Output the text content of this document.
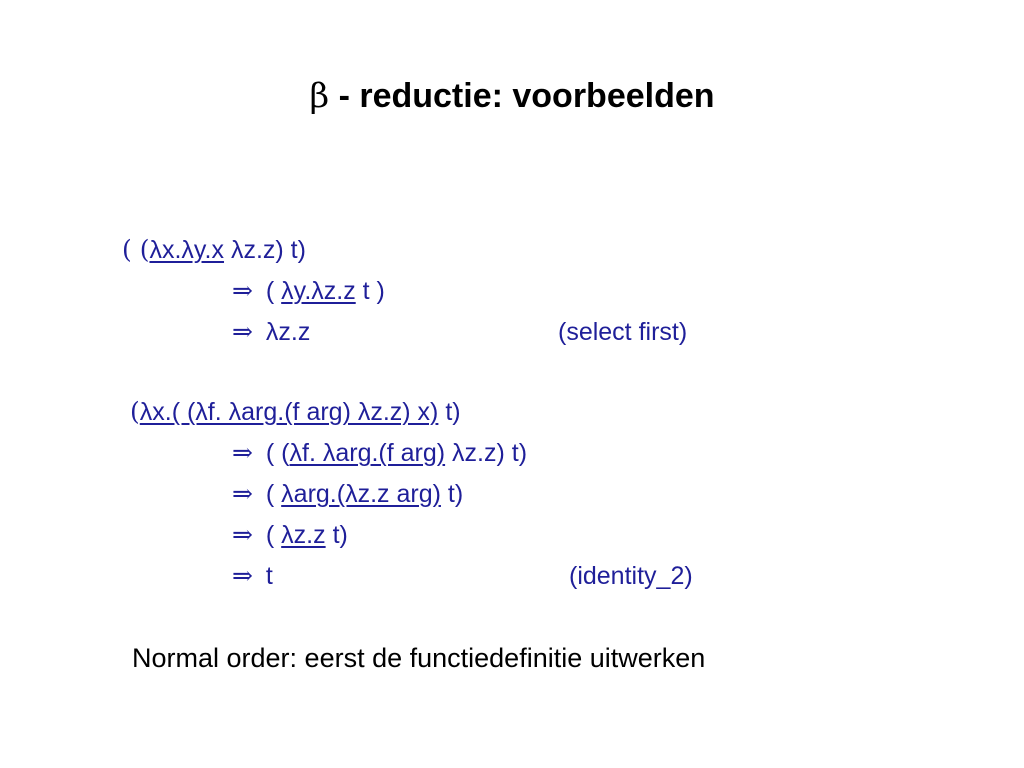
β - reductie: voorbeelden
( (λx.λy.x λz.z) t)
⇒ ( λy.λz.z t )
⇒ λz.z	(select first)
(λx.( (λf. λarg.(f arg) λz.z) x) t)
⇒ ( (λf. λarg.(f arg) λz.z) t)
⇒ ( λarg.(λz.z arg) t)
⇒ ( λz.z t)
⇒ t	(identity_2)
Normal order: eerst de functiedefinitie uitwerken
